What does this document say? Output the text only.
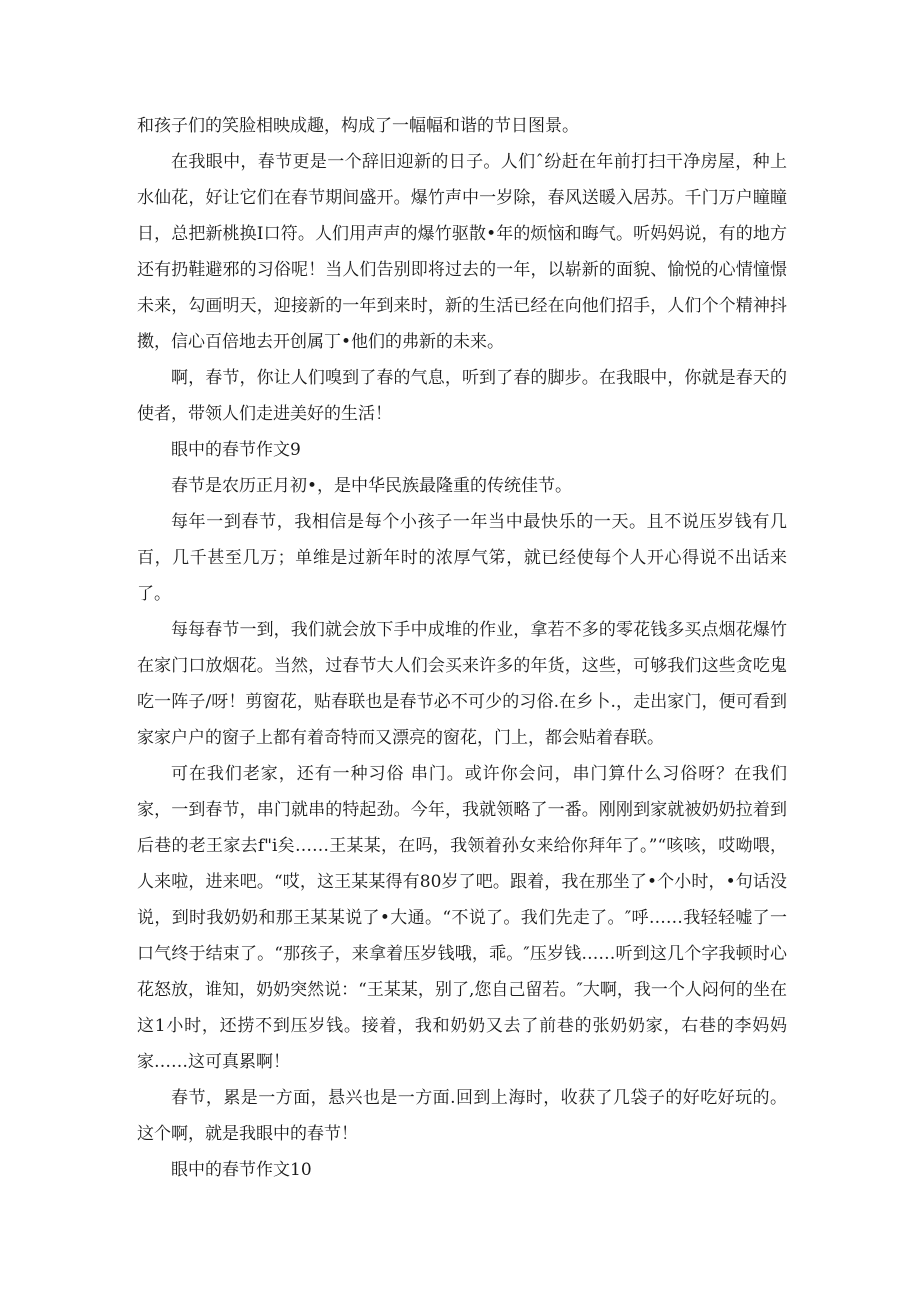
和孩子们的笑脸相映成趣，构成了一幅幅和谐的节日图景。

在我眼中，春节更是一个辞旧迎新的日子。人们ˆ纷赶在年前打扫干净房屋，种上水仙花，好让它们在春节期间盛开。爆竹声中一岁除，春风送暖入居苏。千门万户瞳瞳日，总把新桃换I口符。人们用声声的爆竹驱散•年的烦恼和晦气。听妈妈说，有的地方还有扔鞋避邪的习俗呢！当人们告别即将过去的一年，以崭新的面貌、愉悦的心情憧憬未来，勾画明天，迎接新的一年到来时，新的生活已经在向他们招手，人们个个精神抖擞，信心百倍地去开创属丁•他们的弗新的未来。

啊，春节，你让人们嗅到了春的气息，听到了春的脚步。在我眼中，你就是春天的使者，带领人们走进美好的生活！

眼中的春节作文9

春节是农历正月初•，是中华民族最隆重的传统佳节。

每年一到春节，我相信是每个小孩子一年当中最快乐的一天。且不说压岁钱有几百，几千甚至几万；单维是过新年时的浓厚气笫，就已经使每个人开心得说不出话来了。

每每春节一到，我们就会放下手中成堆的作业，拿若不多的零花钱多买点烟花爆竹在家门口放烟花。当然，过春节大人们会买来许多的年货，这些，可够我们这些贪吃鬼吃一阵子/呀！剪窗花，贴春联也是春节必不可少的习俗.在乡卜.，走出家门，便可看到家家户户的窗子上都有着奇特而又漂亮的窗花，门上，都会贴着春联。

可在我们老家，还有一种习俗 串门。或许你会问，串门算什么习俗呀？在我们家，一到春节，串门就串的特起劲。今年，我就领略了一番。刚刚到家就被奶奶拉着到后巷的老王家去f"i矣……王某某，在吗，我领着孙女来给你拜年了。”“咳咳，哎呦喂，人来啦，进来吧。“哎，这王某某得有80岁了吧。跟着，我在那坐了•个小时，•句话没说，到时我奶奶和那王某某说了•大通。“不说了。我们先走了。″呼……我轻轻嘘了一口气终于结束了。“那孩子，来拿着压岁钱哦，乖。″压岁钱……听到这几个字我顿时心花怒放，谁知，奶奶突然说：“王某某，别了,您自己留若。″大啊，我一个人闷何的坐在这1小时，还捞不到压岁钱。接着，我和奶奶又去了前巷的张奶奶家，右巷的李妈妈家……这可真累啊！

春节，累是一方面，悬兴也是一方面.回到上海时，收获了几袋子的好吃好玩的。这个啊，就是我眼中的春节！

眼中的春节作文10
